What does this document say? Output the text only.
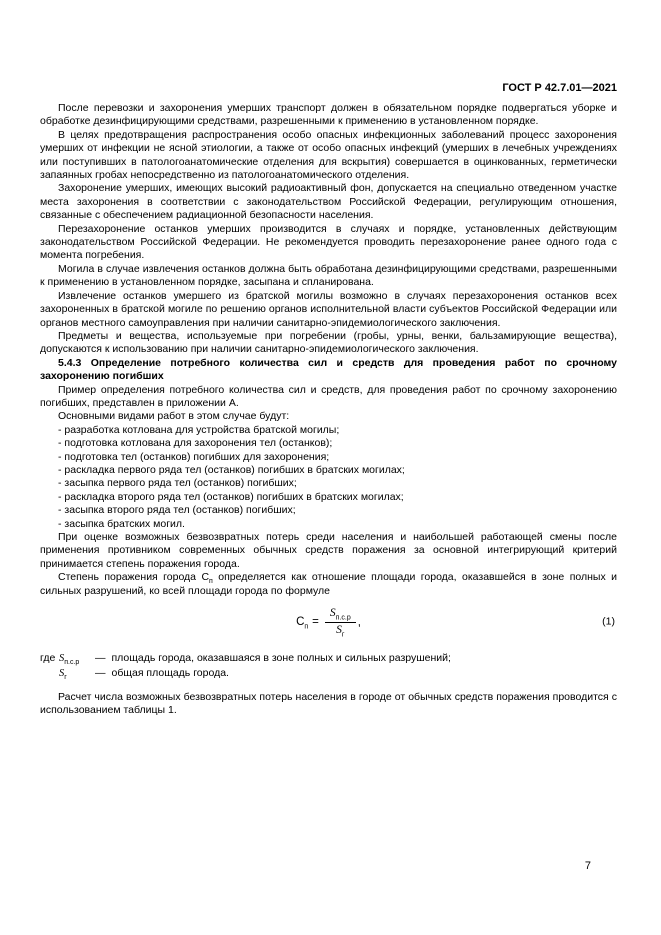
ГОСТ Р 42.7.01—2021

После перевозки и захоронения умерших транспорт должен в обязательном порядке подвергаться уборке и обработке дезинфицирующими средствами, разрешенными к применению в установленном порядке.

В целях предотвращения распространения особо опасных инфекционных заболеваний процесс захоронения умерших от инфекции не ясной этиологии, а также от особо опасных инфекций (умерших в лечебных учреждениях или поступивших в патологоанатомические отделения для вскрытия) совершается в оцинкованных, герметически запаянных гробах непосредственно из патологоанатомического отделения.

Захоронение умерших, имеющих высокий радиоактивный фон, допускается на специально отведенном участке места захоронения в соответствии с законодательством Российской Федерации, регулирующим отношения, связанные с обеспечением радиационной безопасности населения.

Перезахоронение останков умерших производится в случаях и порядке, установленных действующим законодательством Российской Федерации. Не рекомендуется проводить перезахоронение ранее одного года с момента погребения.

Могила в случае извлечения останков должна быть обработана дезинфицирующими средствами, разрешенными к применению в установленном порядке, засыпана и спланирована.

Извлечение останков умершего из братской могилы возможно в случаях перезахоронения останков всех захороненных в братской могиле по решению органов исполнительной власти субъектов Российской Федерации или органов местного самоуправления при наличии санитарно-эпидемиологического заключения.

Предметы и вещества, используемые при погребении (гробы, урны, венки, бальзамирующие вещества), допускаются к использованию при наличии санитарно-эпидемиологического заключения.

5.4.3 Определение потребного количества сил и средств для проведения работ по срочному захоронению погибших

Пример определения потребного количества сил и средств, для проведения работ по срочному захоронению погибших, представлен в приложении А.

Основными видами работ в этом случае будут:

- разработка котлована для устройства братской могилы;

- подготовка котлована для захоронения тел (останков);

- подготовка тел (останков) погибших для захоронения;

- раскладка первого ряда тел (останков) погибших в братских могилах;

- засыпка первого ряда тел (останков) погибших;

- раскладка второго ряда тел (останков) погибших в братских могилах;

- засыпка второго ряда тел (останков) погибших;

- засыпка братских могил.

При оценке возможных безвозвратных потерь среди населения и наибольшей работающей смены после применения противником современных обычных средств поражения за основной интегрирующий критерий принимается степень поражения города.

Степень поражения города $С_п$ определяется как отношение площади города, оказавшейся в зоне полных и сильных разрушений, ко всей площади города по формуле

$С_п = \frac{S_{п.с.р}}{S_г}$ ,	(1)
где $S_{п.с.р}$ — площадь города, оказавшаяся в зоне полных и сильных разрушений;
$S_г$	— общая площадь города.

Расчет числа возможных безвозвратных потерь населения в городе от обычных средств поражения проводится с использованием таблицы 1.

7
